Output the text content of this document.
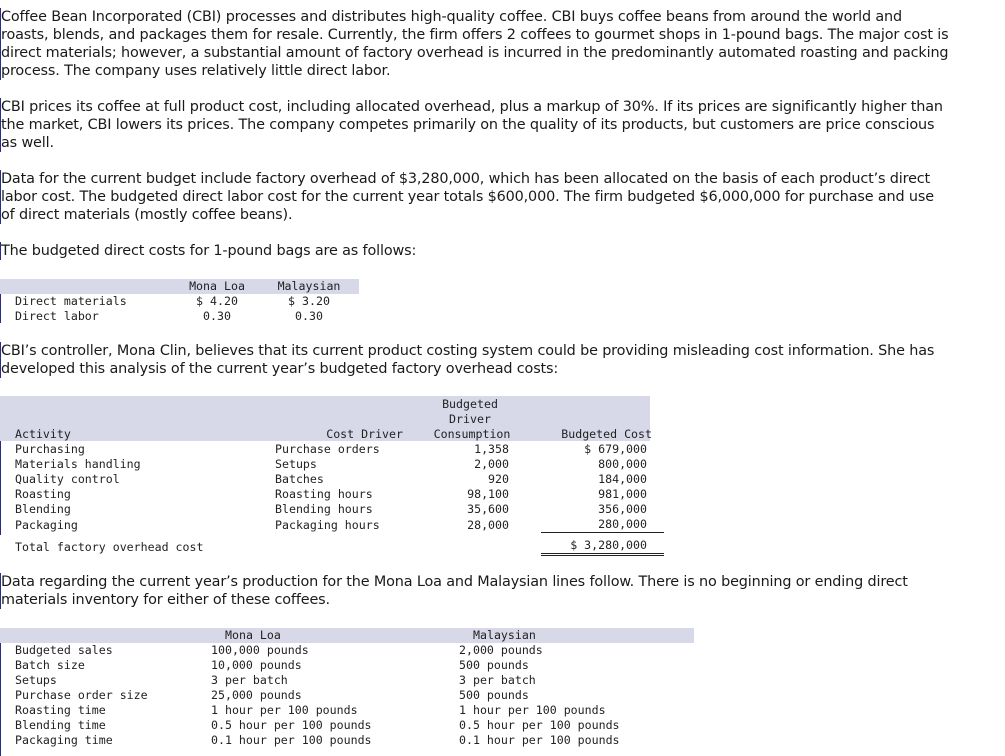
Coffee Bean Incorporated (CBI) processes and distributes high-quality coffee. CBI buys coffee beans from around the world and roasts, blends, and packages them for resale. Currently, the firm offers 2 coffees to gourmet shops in 1-pound bags. The major cost is direct materials; however, a substantial amount of factory overhead is incurred in the predominantly automated roasting and packing process. The company uses relatively little direct labor.

CBI prices its coffee at full product cost, including allocated overhead, plus a markup of 30%. If its prices are significantly higher than the market, CBI lowers its prices. The company competes primarily on the quality of its products, but customers are price conscious as well.

Data for the current budget include factory overhead of $3,280,000, which has been allocated on the basis of each product’s direct labor cost. The budgeted direct labor cost for the current year totals $600,000. The firm budgeted $6,000,000 for purchase and use of direct materials (mostly coffee beans).

The budgeted direct costs for 1-pound bags are as follows:

	Mona Loa	Malaysian
Direct materials	$ 4.20	$ 3.20
Direct labor	0.30	0.30

CBI’s controller, Mona Clin, believes that its current product costing system could be providing misleading cost information. She has developed this analysis of the current year’s budgeted factory overhead costs:

Budgeted
Driver
Activity	Cost Driver	Consumption	Budgeted Cost
Purchasing	Purchase orders	1,358	$ 679,000
Materials handling	Setups	2,000	800,000
Quality control	Batches	920	184,000
Roasting	Roasting hours	98,100	981,000
Blending	Blending hours	35,600	356,000
Packaging	Packaging hours	28,000	280,000
Total factory overhead cost			$ 3,280,000

Data regarding the current year’s production for the Mona Loa and Malaysian lines follow. There is no beginning or ending direct materials inventory for either of these coffees.

	Mona Loa	Malaysian
Budgeted sales	100,000 pounds	2,000 pounds
Batch size	10,000 pounds	500 pounds
Setups	3 per batch	3 per batch
Purchase order size	25,000 pounds	500 pounds
Roasting time	1 hour per 100 pounds	1 hour per 100 pounds
Blending time	0.5 hour per 100 pounds	0.5 hour per 100 pounds
Packaging time	0.1 hour per 100 pounds	0.1 hour per 100 pounds
